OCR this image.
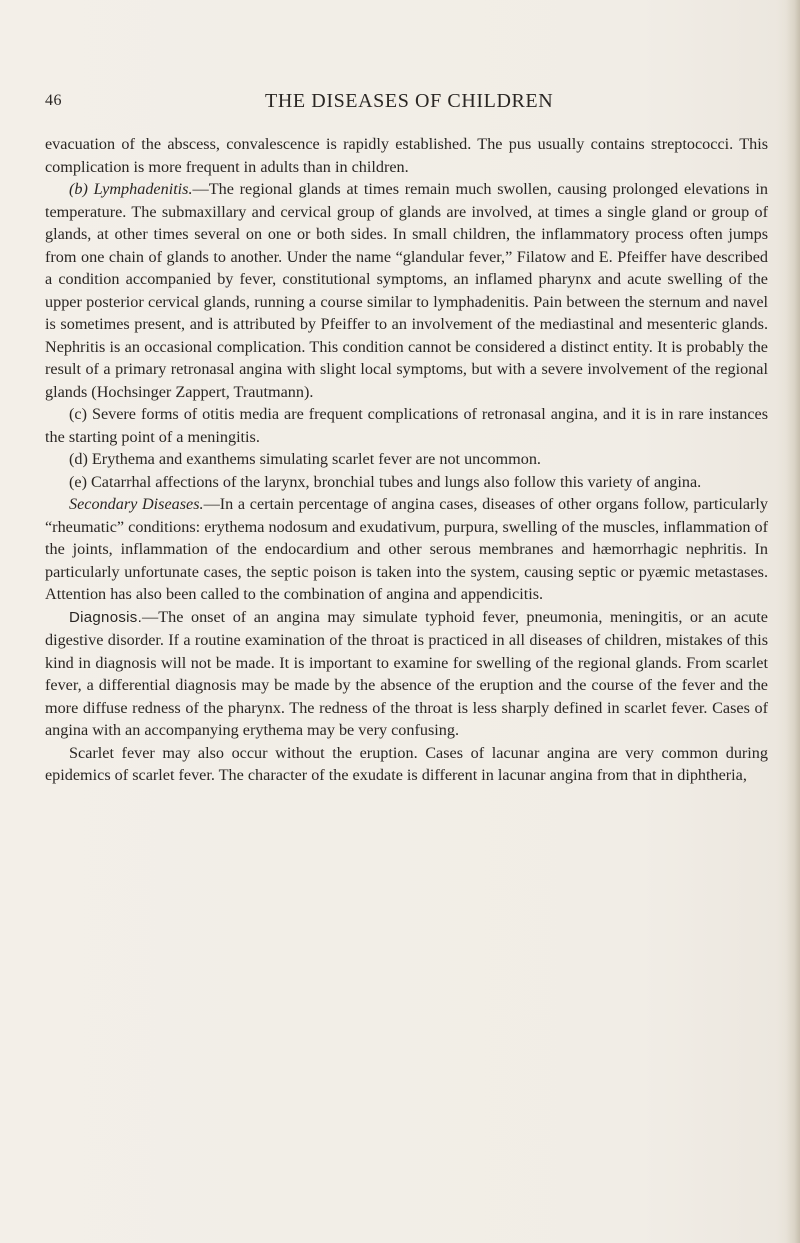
46	THE DISEASES OF CHILDREN

evacuation of the abscess, convalescence is rapidly established. The pus usually contains streptococci. This complication is more frequent in adults than in children.

(b) Lymphadenitis.—The regional glands at times remain much swollen, causing prolonged elevations in temperature. The submaxillary and cervical group of glands are involved, at times a single gland or group of glands, at other times several on one or both sides. In small children, the inflammatory process often jumps from one chain of glands to another. Under the name “glandular fever,” Filatow and E. Pfeiffer have described a condition accompanied by fever, constitutional symptoms, an inflamed pharynx and acute swelling of the upper posterior cervical glands, running a course similar to lymphadenitis. Pain between the sternum and navel is sometimes present, and is attributed by Pfeiffer to an involvement of the mediastinal and mesenteric glands. Nephritis is an occasional complication. This condition cannot be considered a distinct entity. It is probably the result of a primary retronasal angina with slight local symptoms, but with a severe involvement of the regional glands (Hochsinger Zappert, Trautmann).

(c) Severe forms of otitis media are frequent complications of retronasal angina, and it is in rare instances the starting point of a meningitis.

(d) Erythema and exanthems simulating scarlet fever are not uncommon.

(e) Catarrhal affections of the larynx, bronchial tubes and lungs also follow this variety of angina.

Secondary Diseases.—In a certain percentage of angina cases, diseases of other organs follow, particularly “rheumatic” conditions: erythema nodosum and exudativum, purpura, swelling of the muscles, inflammation of the joints, inflammation of the endocardium and other serous membranes and hæmorrhagic nephritis. In particularly unfortunate cases, the septic poison is taken into the system, causing septic or pyæmic metastases. Attention has also been called to the combination of angina and appendicitis.

Diagnosis.—The onset of an angina may simulate typhoid fever, pneumonia, meningitis, or an acute digestive disorder. If a routine examination of the throat is practiced in all diseases of children, mistakes of this kind in diagnosis will not be made. It is important to examine for swelling of the regional glands. From scarlet fever, a differential diagnosis may be made by the absence of the eruption and the course of the fever and the more diffuse redness of the pharynx. The redness of the throat is less sharply defined in scarlet fever. Cases of angina with an accompanying erythema may be very confusing.

Scarlet fever may also occur without the eruption. Cases of lacunar angina are very common during epidemics of scarlet fever. The character of the exudate is different in lacunar angina from that in diphtheria,
